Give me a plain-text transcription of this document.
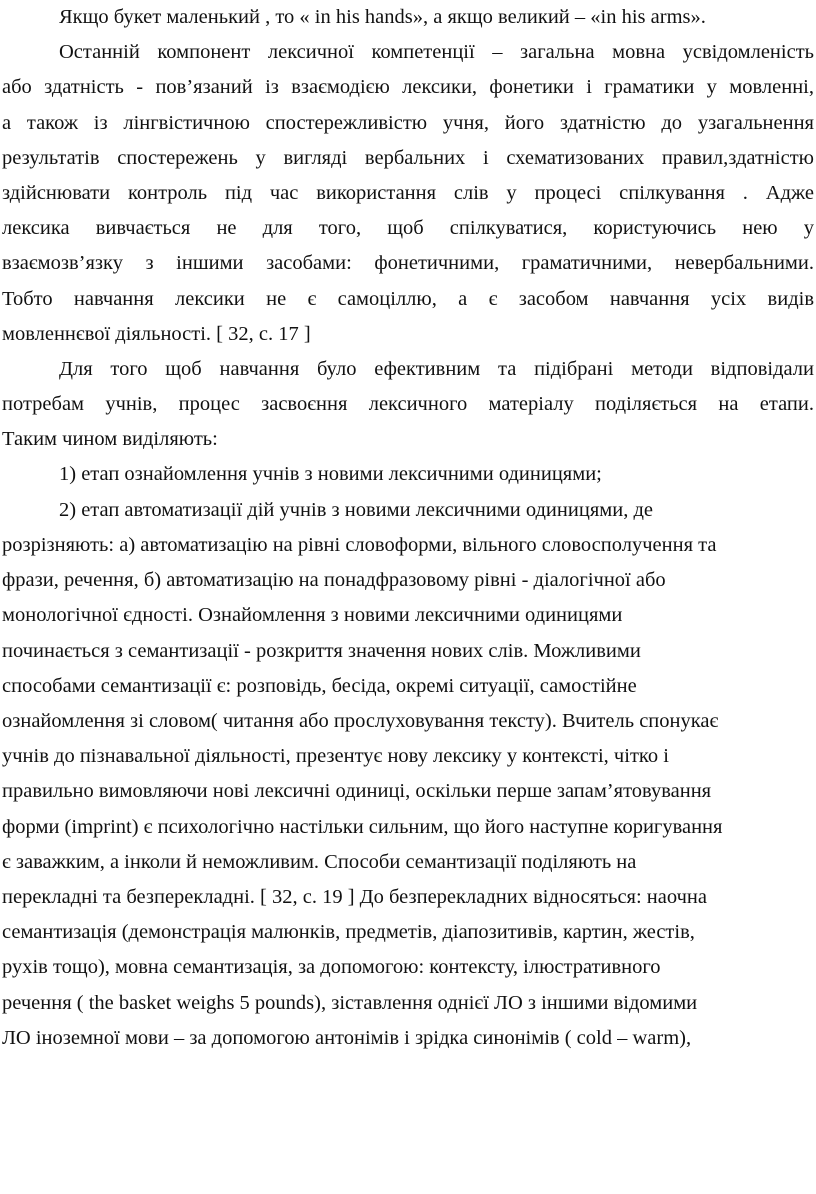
Якщо букет маленький , то « in his hands», а якщо великий – «in his arms».
Останній компонент лексичної компетенції – загальна мовна усвідомленість
або здатність - пов’язаний із взаємодією лексики, фонетики і граматики у мовленні,
а також із лінгвістичною спостережливістю учня, його здатністю до узагальнення
результатів спостережень у вигляді вербальних і схематизованих правил,здатністю
здійснювати контроль під час використання слів у процесі спілкування . Адже
лексика вивчається не для того, щоб спілкуватися, користуючись нею у
взаємозв’язку з іншими засобами: фонетичними, граматичними, невербальними.
Тобто навчання лексики не є самоціллю, а є засобом навчання усіх видів
мовленнєвої діяльності. [ 32, с. 17 ]
Для того щоб навчання було ефективним та підібрані методи відповідали
потребам учнів, процес засвоєння лексичного матеріалу поділяється на етапи.
Таким чином виділяють:
1) етап ознайомлення учнів з новими лексичними одиницями;
2) етап автоматизації дій учнів з новими лексичними одиницями, де
розрізняють: а) автоматизацію на рівні словоформи, вільного словосполучення та
фрази, речення, б) автоматизацію на понадфразовому рівні - діалогічної або
монологічної єдності. Ознайомлення з новими лексичними одиницями
починається з семантизації - розкриття значення нових слів. Можливими
способами семантизації є: розповідь, бесіда, окремі ситуації, самостійне
ознайомлення зі словом( читання або прослуховування тексту). Вчитель спонукає
учнів до пізнавальної діяльності, презентує нову лексику у контексті, чітко і
правильно вимовляючи нові лексичні одиниці, оскільки перше запам’ятовування
форми (imprint) є психологічно настільки сильним, що його наступне коригування
є заважким, а інколи й неможливим. Способи семантизації поділяють на
перекладні та безперекладні. [ 32, с. 19 ] До безперекладних відносяться: наочна
семантизація (демонстрація малюнків, предметів, діапозитивів, картин, жестів,
рухів тощо), мовна семантизація, за допомогою: контексту, ілюстративного
речення ( the basket weighs 5 pounds), зіставлення однієї ЛО з іншими відомими
ЛО іноземної мови – за допомогою антонімів і зрідка синонімів ( cold – warm),
